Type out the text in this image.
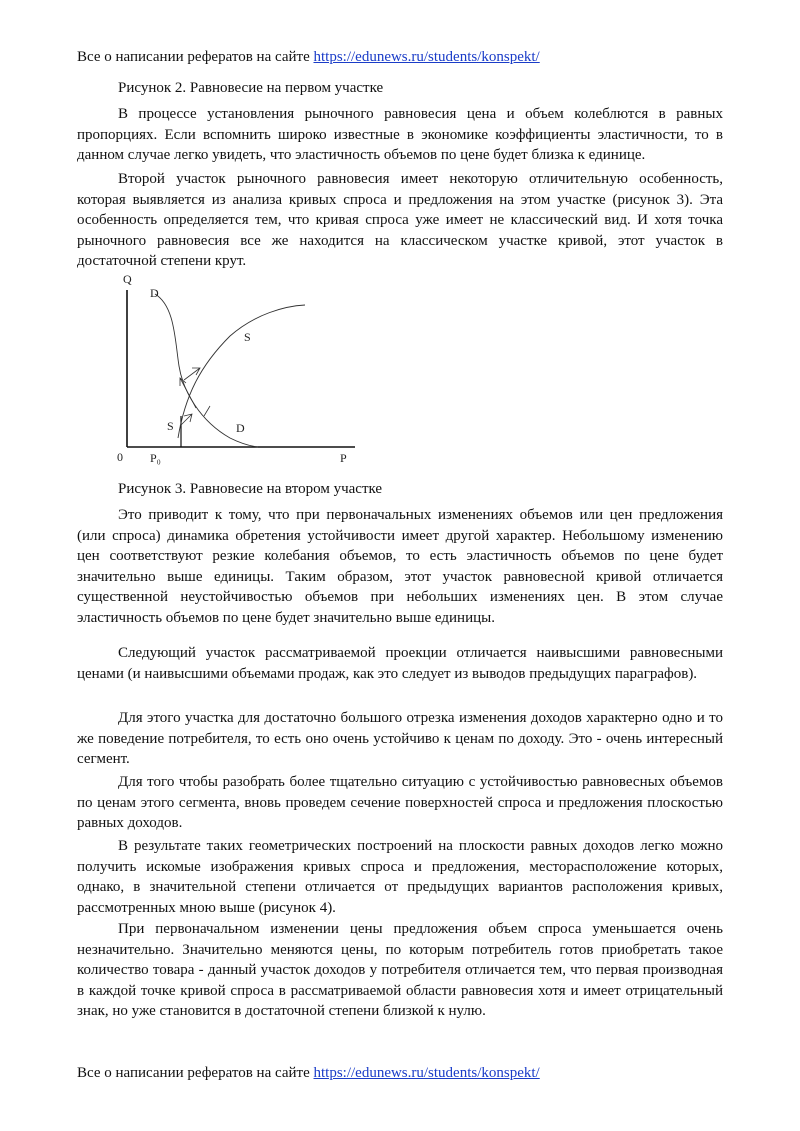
Все о написании рефератов на сайте https://edunews.ru/students/konspekt/
Рисунок 2. Равновесие на первом участке

В процессе установления рыночного равновесия цена и объем колеблются в равных пропорциях. Если вспомнить широко известные в экономике коэффициенты эластичности, то в данном случае легко увидеть, что эластичность объемов по цене будет близка к единице.

Второй участок рыночного равновесия имеет некоторую отличительную особенность, которая выявляется из анализа кривых спроса и предложения на этом участке (рисунок 3). Эта особенность определяется тем, что кривая спроса уже имеет не классический вид. И хотя точка рыночного равновесия все же находится на классическом участке кривой, этот участок в достаточной степени крут.

Q
D
S
S	D
0 P₀	P
Рисунок 3. Равновесие на втором участке

Это приводит к тому, что при первоначальных изменениях объемов или цен предложения (или спроса) динамика обретения устойчивости имеет другой характер. Небольшому изменению цен соответствуют резкие колебания объемов, то есть эластичность объемов по цене будет значительно выше единицы. Таким образом, этот участок равновесной кривой отличается существенной неустойчивостью объемов при небольших изменениях цен. В этом случае эластичность объемов по цене будет значительно выше единицы.

Следующий участок рассматриваемой проекции отличается наивысшими равновесными ценами (и наивысшими объемами продаж, как это следует из выводов предыдущих параграфов).

Для этого участка для достаточно большого отрезка изменения доходов характерно одно и то же поведение потребителя, то есть оно очень устойчиво к ценам по доходу. Это - очень интересный сегмент.

Для того чтобы разобрать более тщательно ситуацию с устойчивостью равновесных объемов по ценам этого сегмента, вновь проведем сечение поверхностей спроса и предложения плоскостью равных доходов.

В результате таких геометрических построений на плоскости равных доходов легко можно получить искомые изображения кривых спроса и предложения, месторасположение которых, однако, в значительной степени отличается от предыдущих вариантов расположения кривых, рассмотренных мною выше (рисунок 4).

При первоначальном изменении цены предложения объем спроса уменьшается очень незначительно. Значительно меняются цены, по которым потребитель готов приобретать такое количество товара - данный участок доходов у потребителя отличается тем, что первая производная в каждой точке кривой спроса в рассматриваемой области равновесия хотя и имеет отрицательный знак, но уже становится в достаточной степени близкой к нулю.

Все о написании рефератов на сайте https://edunews.ru/students/konspekt/
